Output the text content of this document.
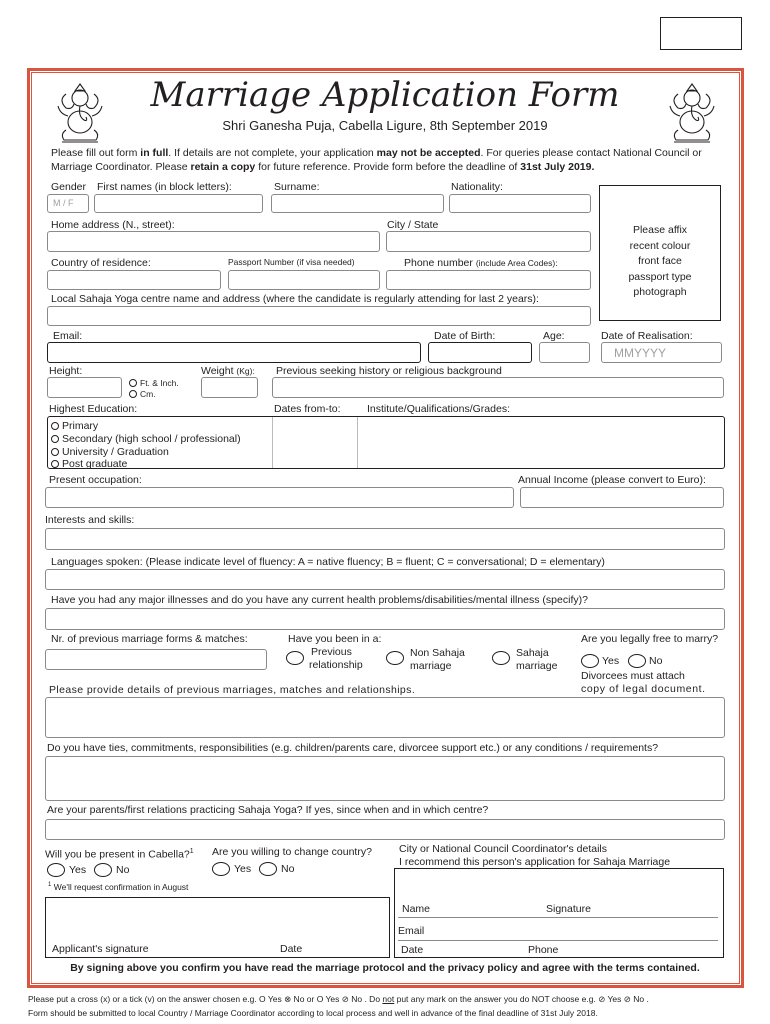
Marriage Application Form
Shri Ganesha Puja, Cabella Ligure, 8th September 2019
Please fill out form in full. If details are not complete, your application may not be accepted. For queries please contact National Council or Marriage Coordinator. Please retain a copy for future reference. Provide form before the deadline of 31st July 2019.
Gender First names (in block letters):	Surname:	Nationality:
M / F
Please affix
recent colour
front face
passport type
photograph
Home address (N., street):	City / State
Country of residence:	Passport Number (if visa needed)	Phone number (include Area Codes):
Local Sahaja Yoga centre name and address (where the candidate is regularly attending for last 2 years):
Email:	Date of Birth:	Age:	Date of Realisation:
MMYYYY
Height:	Weight (Kg): Previous seeking history or religious background
Ft. & Inch.
Cm.
Highest Education:	Dates from-to:	Institute/Qualifications/Grades:
Primary
Secondary (high school / professional)
University / Graduation
Post graduate
Present occupation:	Annual Income (please convert to Euro):
Interests and skills:
Languages spoken: (Please indicate level of fluency: A = native fluency; B = fluent; C = conversational; D = elementary)
Have you had any major illnesses and do you have any current health problems/disabilities/mental illness (specify)?
Nr. of previous marriage forms & matches:	Have you been in a:
Previous
relationship
Non Sahaja
marriage
Sahaja
marriage
Are you legally free to marry?
Yes	No
Divorcees must attach
copy of legal document.
Please provide details of previous marriages, matches and relationships.
Do you have ties, commitments, responsibilities (e.g. children/parents care, divorcee support etc.) or any conditions / requirements?
Are your parents/first relations practicing Sahaja Yoga? If yes, since when and in which centre?
Will you be present in Cabella?$^1$
Yes	No
Are you willing to change country?
Yes	No
City or National Council Coordinator's details
I recommend this person's application for Sahaja Marriage
$^1$ We'll request confirmation in August
Applicant's signature	Date
Name	Signature
Email
Date	Phone
By signing above you confirm you have read the marriage protocol and the privacy policy and agree with the terms contained.
Please put a cross (x) or a tick (v) on the answer chosen e.g. O Yes ⊗ No or O Yes ⊘ No . Do not put any mark on the answer you do NOT choose e.g. ⊘ Yes ⊘ No .
Form should be submitted to local Country / Marriage Coordinator according to local process and well in advance of the final deadline of 31st July 2018.
